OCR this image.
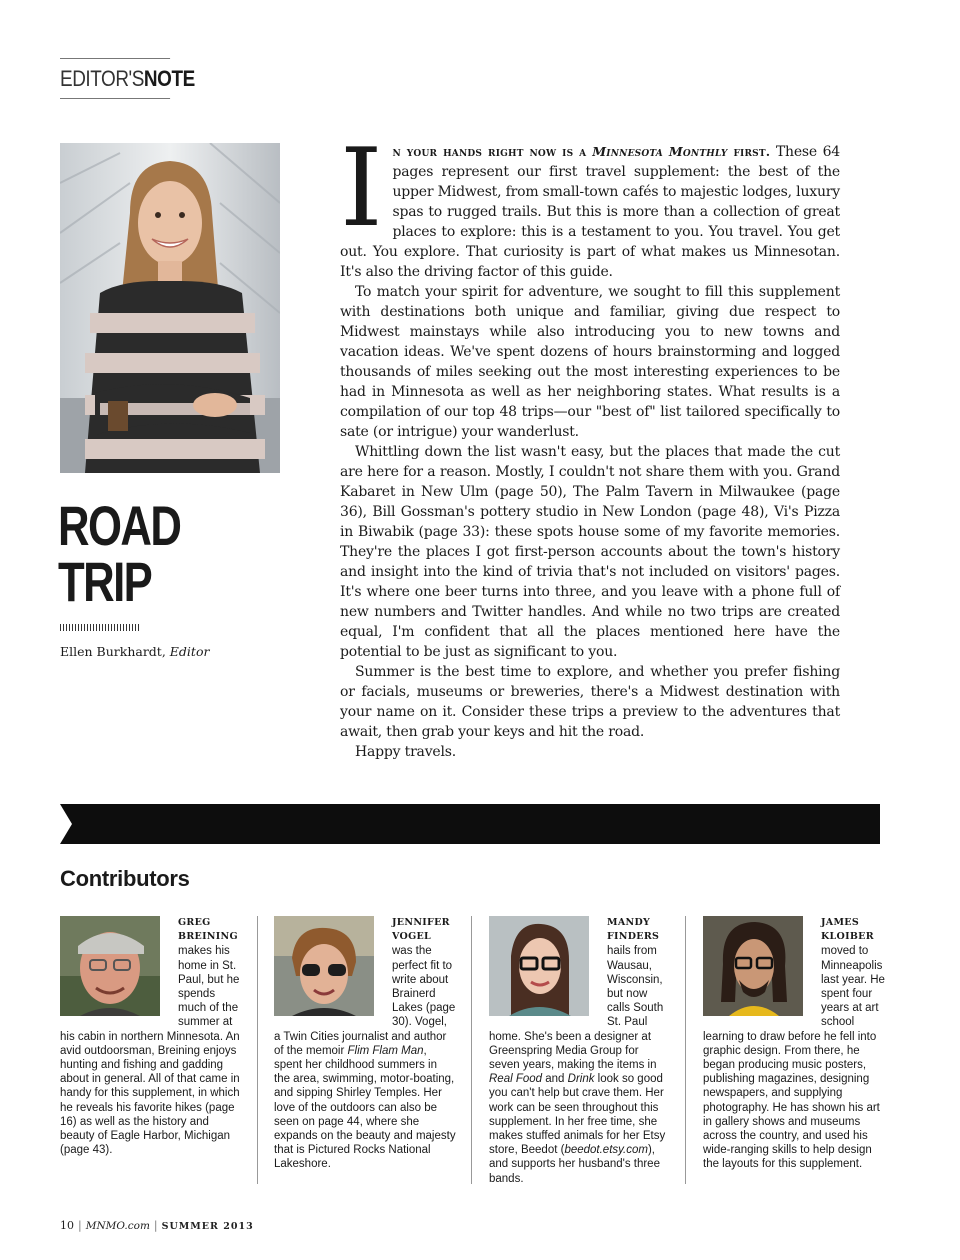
EDITOR'SNOTE
ROAD
TRIP
Ellen Burkhardt, Editor

In your hands right now is a Minnesota Monthly first. These 64 pages represent our first travel supplement: the best of the upper Midwest, from small-town cafés to majestic lodges, luxury spas to rugged trails. But this is more than a collection of great places to explore: this is a testament to you. You travel. You get out. You explore. That curiosity is part of what makes us Minnesotan. It's also the driving factor of this guide.

To match your spirit for adventure, we sought to fill this supplement with destinations both unique and familiar, giving due respect to Midwest mainstays while also introducing you to new towns and vacation ideas. We've spent dozens of hours brainstorming and logged thousands of miles seeking out the most interesting experiences to be had in Minnesota as well as her neighboring states. What results is a compilation of our top 48 trips—our "best of" list tailored specifically to sate (or intrigue) your wanderlust.

Whittling down the list wasn't easy, but the places that made the cut are here for a reason. Mostly, I couldn't not share them with you. Grand Kabaret in New Ulm (page 50), The Palm Tavern in Milwaukee (page 36), Bill Gossman's pottery studio in New London (page 48), Vi's Pizza in Biwabik (page 33): these spots house some of my favorite memories. They're the places I got first-person accounts about the town's history and insight into the kind of trivia that's not included on visitors' pages. It's where one beer turns into three, and you leave with a phone full of new numbers and Twitter handles. And while no two trips are created equal, I'm confident that all the places mentioned here have the potential to be just as significant to you.

Summer is the best time to explore, and whether you prefer fishing or facials, museums or breweries, there's a Midwest destination with your name on it. Consider these trips a preview to the adventures that await, then grab your keys and hit the road.

Happy travels.

Contributors
GREG BREINING
makes his home in St. Paul, but he spends much of the summer at his cabin in northern Minnesota. An avid outdoorsman, Breining enjoys hunting and fishing and gadding about in general. All of that came in handy for this supplement, in which he reveals his favorite hikes (page 16) as well as the history and beauty of Eagle Harbor, Michigan (page 43).
JENNIFER VOGEL
was the perfect fit to write about Brainerd Lakes (page 30). Vogel, a Twin Cities journalist and author of the memoir Flim Flam Man, spent her childhood summers in the area, swimming, motor-boating, and sipping Shirley Temples. Her love of the outdoors can also be seen on page 44, where she expands on the beauty and majesty that is Pictured Rocks National Lakeshore.
MANDY FINDERS
hails from Wausau, Wisconsin, but now calls South St. Paul home. She's been a designer at Greenspring Media Group for seven years, making the items in Real Food and Drink look so good you can't help but crave them. Her work can be seen throughout this supplement. In her free time, she makes stuffed animals for her Etsy store, Beedot (beedot.etsy.com), and supports her husband's three bands.
JAMES KLOIBER
moved to Minneapolis last year. He spent four years at art school learning to draw before he fell into graphic design. From there, he began producing music posters, publishing magazines, designing newspapers, and supplying photography. He has shown his art in gallery shows and museums across the country, and used his wide-ranging skills to help design the layouts for this supplement.
10 | MNMO.com | SUMMER 2013
